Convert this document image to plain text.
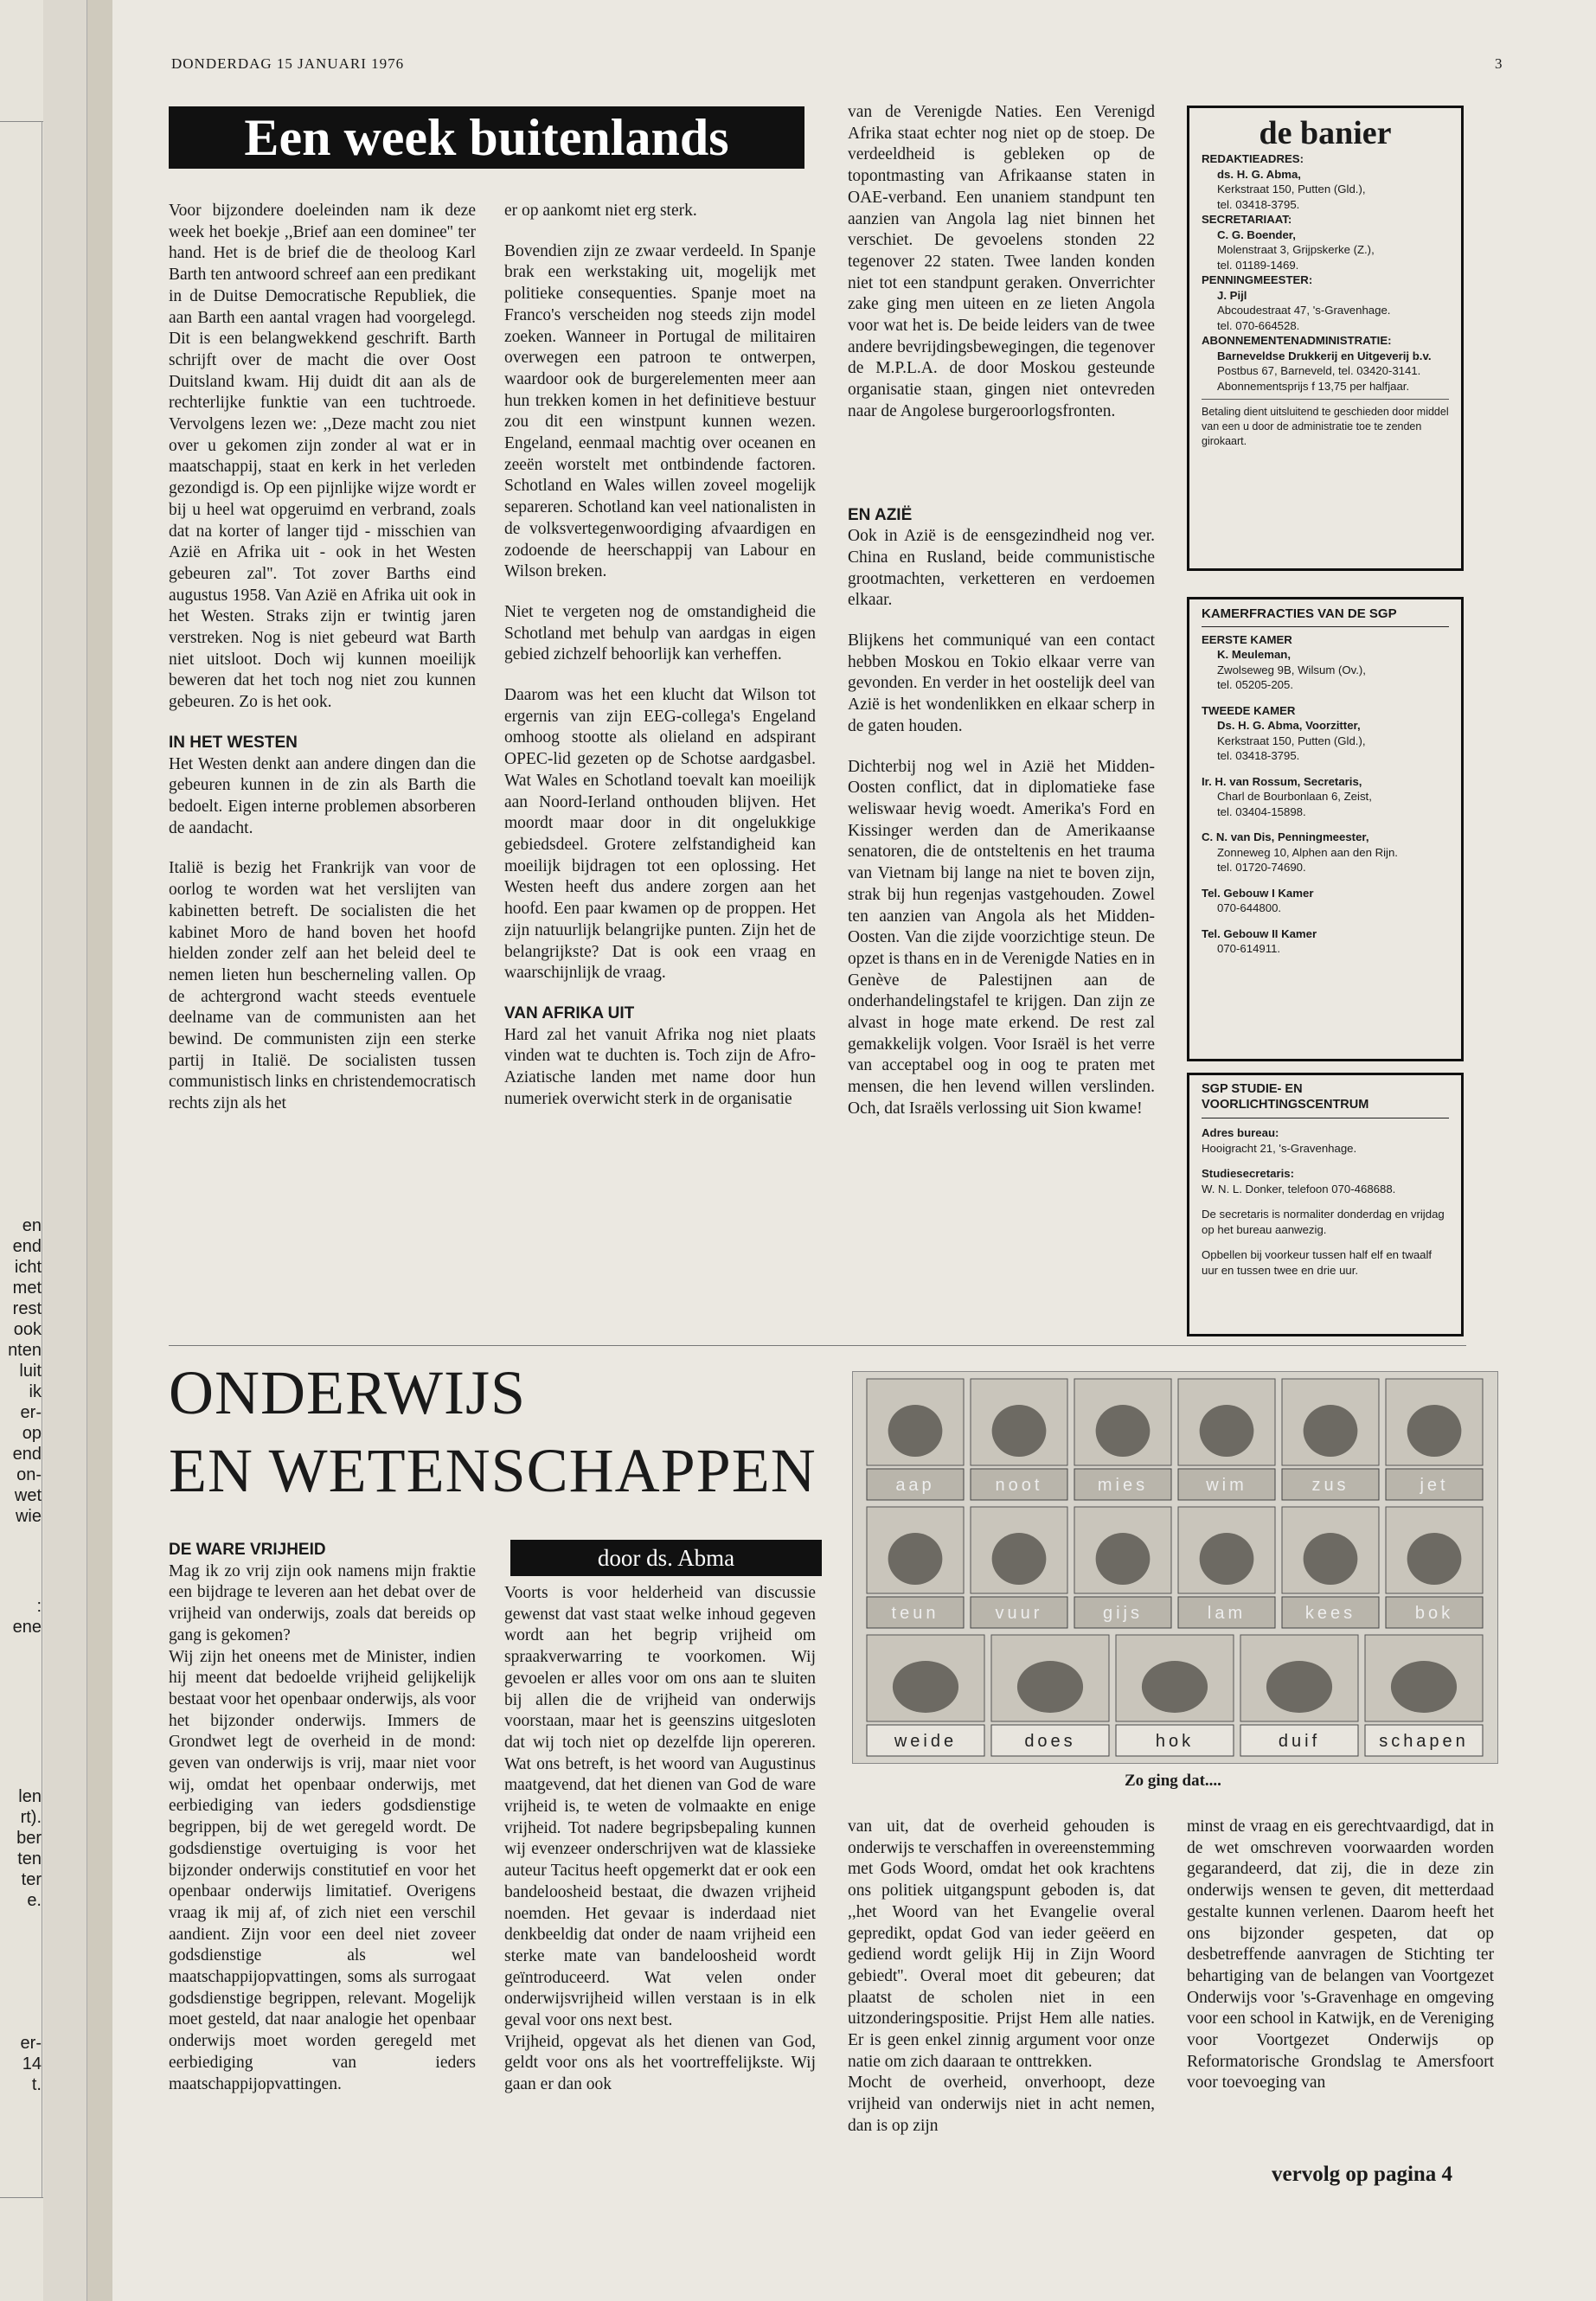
en
end
icht
met
rest
ook
nten
luit
ik
er-
op
end
on-
wet
wie
:
ene
len
rt).
ber
ten
ter
e.
er-
14
t.
DONDERDAG 15 JANUARI 1976	3
Een week buitenlands

Voor bijzondere doeleinden nam ik deze week het boekje ,,Brief aan een dominee'' ter hand. Het is de brief die de theoloog Karl Barth ten antwoord schreef aan een predikant in de Duitse Democratische Republiek, die aan Barth een aantal vragen had voorgelegd. Dit is een belangwekkend geschrift. Barth schrijft over de macht die over Oost Duitsland kwam. Hij duidt dit aan als de rechterlijke funktie van een tuchtroede. Vervolgens lezen we: ,,Deze macht zou niet over u gekomen zijn zonder al wat er in maatschappij, staat en kerk in het verleden gezondigd is. Op een pijnlijke wijze wordt er bij u heel wat opgeruimd en verbrand, zoals dat na korter of langer tijd - misschien van Azië en Afrika uit - ook in het Westen gebeuren zal''. Tot zover Barths eind augustus 1958. Van Azië en Afrika uit ook in het Westen. Straks zijn er twintig jaren verstreken. Nog is niet gebeurd wat Barth niet uitsloot. Doch wij kunnen moeilijk beweren dat het toch nog niet zou kunnen gebeuren. Zo is het ook.

IN HET WESTEN

Het Westen denkt aan andere dingen dan die gebeuren kunnen in de zin als Barth die bedoelt. Eigen interne problemen absorberen de aandacht.

Italië is bezig het Frankrijk van voor de oorlog te worden wat het verslijten van kabinetten betreft. De socialisten die het kabinet Moro de hand boven het hoofd hielden zonder zelf aan het beleid deel te nemen lieten hun bescherneling vallen. Op de achtergrond wacht steeds eventuele deelname van de communisten aan het bewind. De communisten zijn een sterke partij in Italië. De socialisten tussen communistisch links en christendemocratisch rechts zijn als het

er op aankomt niet erg sterk.

Bovendien zijn ze zwaar verdeeld. In Spanje brak een werkstaking uit, mogelijk met politieke consequenties. Spanje moet na Franco's verscheiden nog steeds zijn model zoeken. Wanneer in Portugal de militairen overwegen een patroon te ontwerpen, waardoor ook de burgerelementen meer aan hun trekken komen in het definitieve bestuur zou dit een winstpunt kunnen wezen. Engeland, eenmaal machtig over oceanen en zeeën worstelt met ontbindende factoren. Schotland en Wales willen zoveel mogelijk separeren. Schotland kan veel nationalisten in de volksvertegenwoordiging afvaardigen en zodoende de heerschappij van Labour en Wilson breken.

Niet te vergeten nog de omstandigheid die Schotland met behulp van aardgas in eigen gebied zichzelf behoorlijk kan verheffen.

Daarom was het een klucht dat Wilson tot ergernis van zijn EEG-collega's Engeland omhoog stootte als olieland en adspirant OPEC-lid gezeten op de Schotse aardgasbel. Wat Wales en Schotland toevalt kan moeilijk aan Noord-Ierland onthouden blijven. Het moordt maar door in dit ongelukkige gebiedsdeel. Grotere zelfstandigheid kan moeilijk bijdragen tot een oplossing. Het Westen heeft dus andere zorgen aan het hoofd. Een paar kwamen op de proppen. Het zijn natuurlijk belangrijke punten. Zijn het de belangrijkste? Dat is ook een vraag en waarschijnlijk de vraag.

VAN AFRIKA UIT

Hard zal het vanuit Afrika nog niet plaats vinden wat te duchten is. Toch zijn de Afro-Aziatische landen met name door hun numeriek overwicht sterk in de organisatie

van de Verenigde Naties. Een Verenigd Afrika staat echter nog niet op de stoep. De verdeeldheid is gebleken op de topontmasting van Afrikaanse staten in OAE-verband. Een unaniem standpunt ten aanzien van Angola lag niet binnen het verschiet. De gevoelens stonden 22 tegenover 22 staten. Twee landen konden niet tot een standpunt geraken. Onverrichter zake ging men uiteen en ze lieten Angola voor wat het is. De beide leiders van de twee andere bevrijdingsbewegingen, die tegenover de M.P.L.A. de door Moskou gesteunde organisatie staan, gingen niet ontevreden naar de Angolese burgeroorlogsfronten.

EN AZIË

Ook in Azië is de eensgezindheid nog ver. China en Rusland, beide communistische grootmachten, verketteren en verdoemen elkaar.

Blijkens het communiqué van een contact hebben Moskou en Tokio elkaar verre van gevonden. En verder in het oostelijk deel van Azië is het wondenlikken en elkaar scherp in de gaten houden.

Dichterbij nog wel in Azië het Midden-Oosten conflict, dat in diplomatieke fase weliswaar hevig woedt. Amerika's Ford en Kissinger werden dan de Amerikaanse senatoren, die de ontsteltenis en het trauma van Vietnam bij lange na niet te boven zijn, strak bij hun regenjas vastgehouden. Zowel ten aanzien van Angola als het Midden-Oosten. Van die zijde voorzichtige steun. De opzet is thans en in de Verenigde Naties en in Genève de Palestijnen aan de onderhandelingstafel te krijgen. Dan zijn ze alvast in hoge mate erkend. De rest zal gemakkelijk volgen. Voor Israël is het verre van acceptabel oog in oog te praten met mensen, die hen levend willen verslinden. Och, dat Israëls verlossing uit Sion kwame!

de banier
REDAKTIEADRES:
ds. H. G. Abma,
Kerkstraat 150, Putten (Gld.),
tel. 03418-3795.
SECRETARIAAT:
C. G. Boender,
Molenstraat 3, Grijpskerke (Z.),
tel. 01189-1469.
PENNINGMEESTER:
J. Pijl
Abcoudestraat 47, 's-Gravenhage.
tel. 070-664528.
ABONNEMENTENADMINISTRATIE:
Barneveldse Drukkerij en Uitgeverij b.v.
Postbus 67, Barneveld, tel. 03420-3141.
Abonnementsprijs f 13,75 per halfjaar.
Betaling dient uitsluitend te geschieden door middel van een u door de administratie toe te zenden girokaart.
KAMERFRACTIES VAN DE SGP
EERSTE KAMER
K. Meuleman,
Zwolseweg 9B, Wilsum (Ov.),
tel. 05205-205.
TWEEDE KAMER
Ds. H. G. Abma, Voorzitter,
Kerkstraat 150, Putten (Gld.),
tel. 03418-3795.
Ir. H. van Rossum, Secretaris,
Charl de Bourbonlaan 6, Zeist,
tel. 03404-15898.
C. N. van Dis, Penningmeester,
Zonneweg 10, Alphen aan den Rijn.
tel. 01720-74690.
Tel. Gebouw I Kamer
070-644800.
Tel. Gebouw II Kamer
070-614911.
SGP STUDIE- EN
VOORLICHTINGSCENTRUM
Adres bureau:
Hooigracht 21, 's-Gravenhage.
Studiesecretaris:
W. N. L. Donker, telefoon 070-468688.
De secretaris is normaliter donderdag en vrijdag op het bureau aanwezig.
Opbellen bij voorkeur tussen half elf en twaalf uur en tussen twee en drie uur.
ONDERWIJS
EN WETENSCHAPPEN
door ds. Abma
aap	noot	mies	wim	zus	jet
teun	vuur	gijs	lam	kees	bok
weide	does	hok	duif	schapen
Zo ging dat....
DE WARE VRIJHEID

Mag ik zo vrij zijn ook namens mijn fraktie een bijdrage te leveren aan het debat over de vrijheid van onderwijs, zoals dat bereids op gang is gekomen?

Wij zijn het oneens met de Minister, indien hij meent dat bedoelde vrijheid gelijkelijk bestaat voor het openbaar onderwijs, als voor het bijzonder onderwijs. Immers de Grondwet legt de overheid in de mond: geven van onderwijs is vrij, maar niet voor wij, omdat het openbaar onderwijs, met eerbiediging van ieders godsdienstige begrippen, bij de wet geregeld wordt. De godsdienstige overtuiging is voor het bijzonder onderwijs constitutief en voor het openbaar onderwijs limitatief. Overigens vraag ik mij af, of zich niet een verschil aandient. Zijn voor een deel niet zoveer godsdienstige als wel maatschappijopvattingen, soms als surrogaat godsdienstige begrippen, relevant. Mogelijk moet gesteld, dat naar analogie het openbaar onderwijs moet worden geregeld met eerbiediging van ieders maatschappijopvattingen.

Voorts is voor helderheid van discussie gewenst dat vast staat welke inhoud gegeven wordt aan het begrip vrijheid om spraakverwarring te voorkomen. Wij gevoelen er alles voor om ons aan te sluiten bij allen die de vrijheid van onderwijs voorstaan, maar het is geenszins uitgesloten dat wij toch niet op dezelfde lijn opereren. Wat ons betreft, is het woord van Augustinus maatgevend, dat het dienen van God de ware vrijheid is, te weten de volmaakte en enige vrijheid. Tot nadere begripsbepaling kunnen wij evenzeer onderschrijven wat de klassieke auteur Tacitus heeft opgemerkt dat er ook een bandeloosheid bestaat, die dwazen vrijheid noemden. Het gevaar is inderdaad niet denkbeeldig dat onder de naam vrijheid een sterke mate van bandeloosheid wordt geïntroduceerd. Wat velen onder onderwijsvrijheid willen verstaan is in elk geval voor ons next best.

Vrijheid, opgevat als het dienen van God, geldt voor ons als het voortreffelijkste. Wij gaan er dan ook

van uit, dat de overheid gehouden is onderwijs te verschaffen in overeenstemming met Gods Woord, omdat het ook krachtens ons politiek uitgangspunt geboden is, dat ,,het Woord van het Evangelie overal gepredikt, opdat God van ieder geëerd en gediend wordt gelijk Hij in Zijn Woord gebiedt''. Overal moet dit gebeuren; dat plaatst de scholen niet in een uitzonderingspositie. Prijst Hem alle naties. Er is geen enkel zinnig argument voor onze natie om zich daaraan te onttrekken.

Mocht de overheid, onverhoopt, deze vrijheid van onderwijs niet in acht nemen, dan is op zijn

minst de vraag en eis gerechtvaardigd, dat in de wet omschreven voorwaarden worden gegarandeerd, dat zij, die in deze zin onderwijs wensen te geven, dit metterdaad gestalte kunnen verlenen. Daarom heeft het ons bijzonder gespeten, dat op desbetreffende aanvragen de Stichting ter behartiging van de belangen van Voortgezet Onderwijs voor 's-Gravenhage en omgeving voor een school in Katwijk, en de Vereniging voor Voortgezet Onderwijs op Reformatorische Grondslag te Amersfoort voor toevoeging van

vervolg op pagina 4
